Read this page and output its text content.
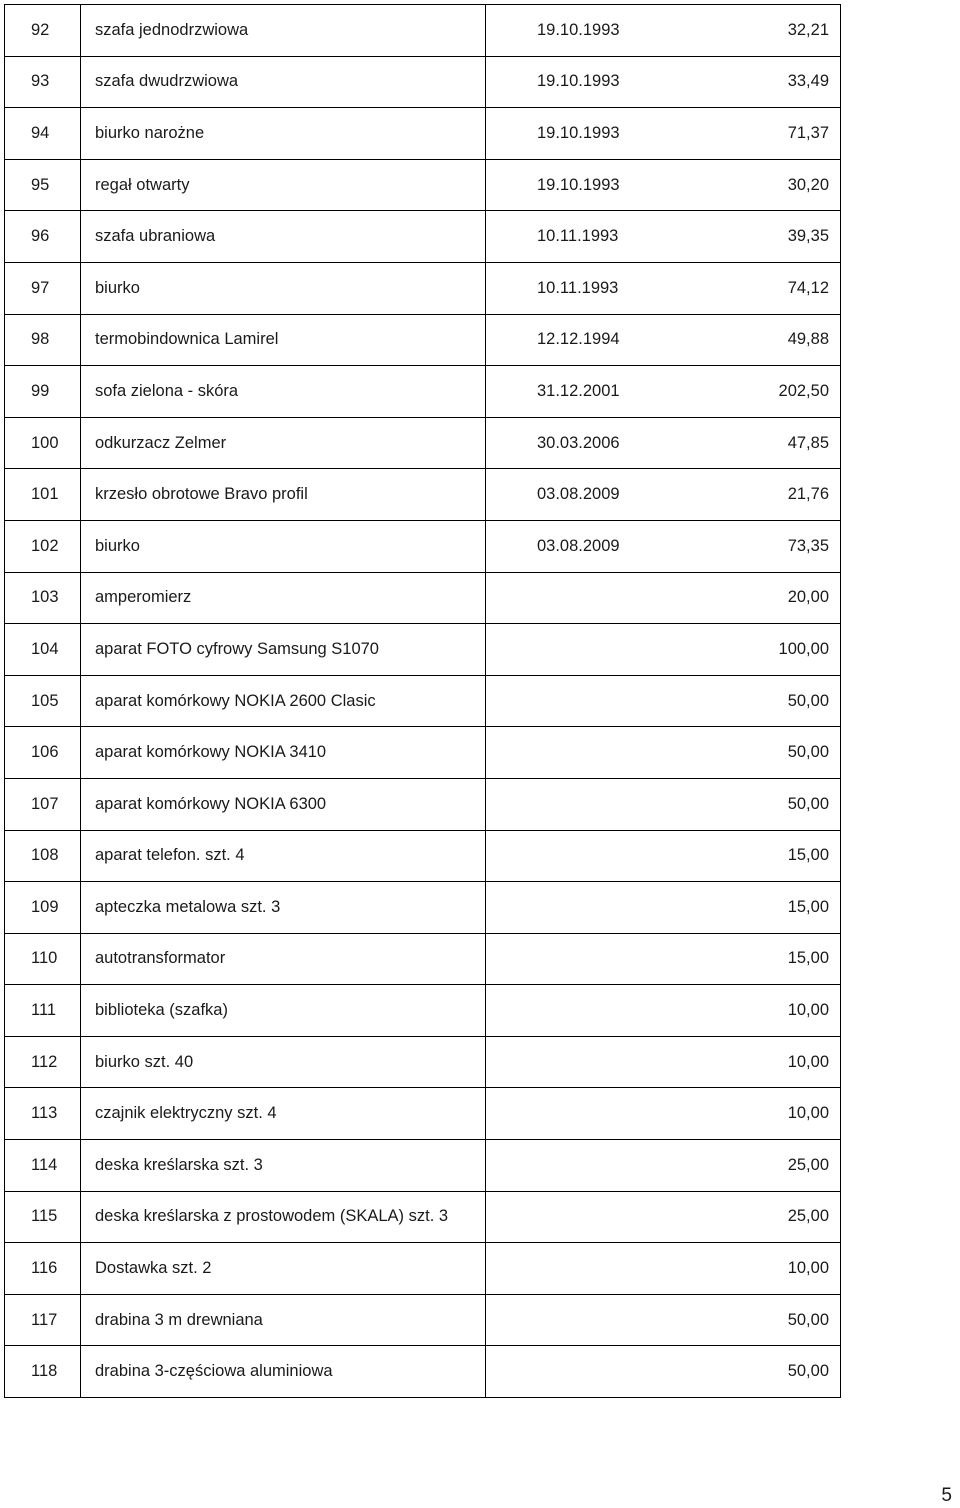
92	szafa jednodrzwiowa	19.10.1993	32,21
93	szafa dwudrzwiowa	19.10.1993	33,49
94	biurko narożne	19.10.1993	71,37
95	regał otwarty	19.10.1993	30,20
96	szafa ubraniowa	10.11.1993	39,35
97	biurko	10.11.1993	74,12
98	termobindownica Lamirel	12.12.1994	49,88
99	sofa zielona - skóra	31.12.2001	202,50
100	odkurzacz Zelmer	30.03.2006	47,85
101	krzesło obrotowe Bravo profil	03.08.2009	21,76
102	biurko	03.08.2009	73,35
103	amperomierz		20,00
104	aparat FOTO cyfrowy Samsung S1070		100,00
105	aparat komórkowy NOKIA 2600 Clasic		50,00
106	aparat komórkowy NOKIA 3410		50,00
107	aparat komórkowy NOKIA 6300		50,00
108	aparat telefon. szt. 4		15,00
109	apteczka metalowa szt. 3		15,00
110	autotransformator		15,00
111	biblioteka (szafka)		10,00
112	biurko szt. 40		10,00
113	czajnik elektryczny szt. 4		10,00
114	deska kreślarska szt. 3		25,00
115	deska kreślarska z prostowodem (SKALA) szt. 3		25,00
116	Dostawka szt. 2		10,00
117	drabina 3 m drewniana		50,00
118	drabina 3-częściowa aluminiowa		50,00
5
